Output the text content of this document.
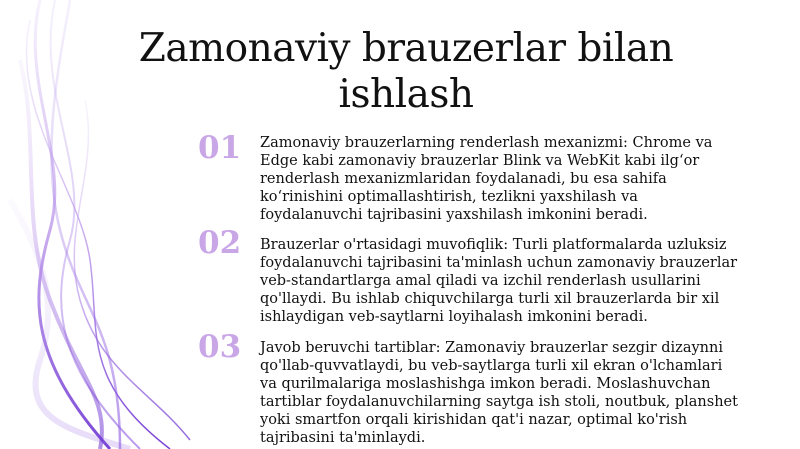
Zamonaviy brauzerlar bilan ishlash
01 Zamonaviy brauzerlarning renderlash mexanizmi: Chrome va Edge kabi zamonaviy brauzerlar Blink va WebKit kabi ilg‘or renderlash mexanizmlaridan foydalanadi, bu esa sahifa ko‘rinishini optimallashtirish, tezlikni yaxshilash va foydalanuvchi tajribasini yaxshilash imkonini beradi.
02 Brauzerlar o'rtasidagi muvofiqlik: Turli platformalarda uzluksiz foydalanuvchi tajribasini ta'minlash uchun zamonaviy brauzerlar veb-standartlarga amal qiladi va izchil renderlash usullarini qo'llaydi. Bu ishlab chiquvchilarga turli xil brauzerlarda bir xil ishlaydigan veb-saytlarni loyihalash imkonini beradi.
03 Javob beruvchi tartiblar: Zamonaviy brauzerlar sezgir dizaynni qo'llab-quvvatlaydi, bu veb-saytlarga turli xil ekran o'lchamlari va qurilmalariga moslashishga imkon beradi. Moslashuvchan tartiblar foydalanuvchilarning saytga ish stoli, noutbuk, planshet yoki smartfon orqali kirishidan qat'i nazar, optimal ko'rish tajribasini ta'minlaydi.
